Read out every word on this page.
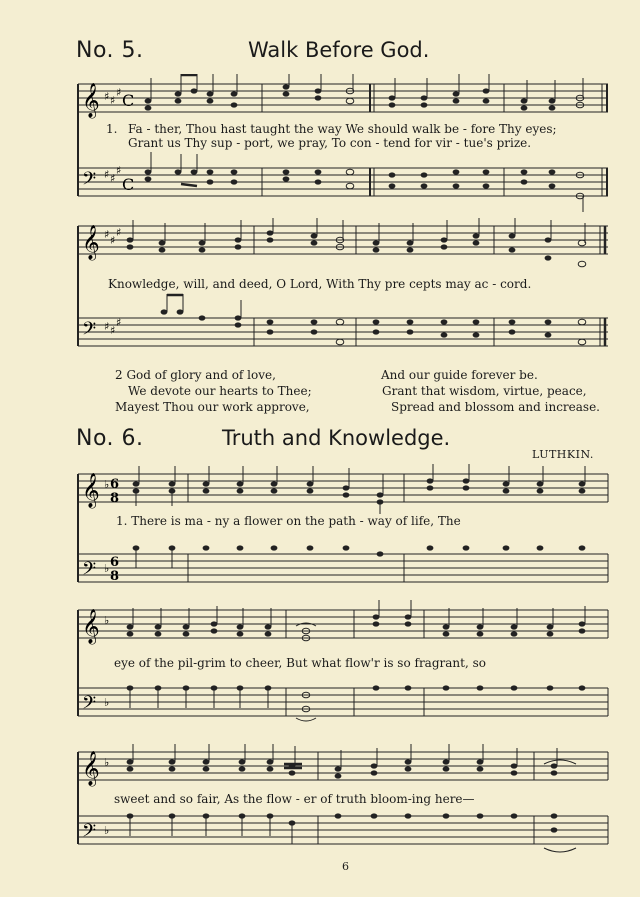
No. 5.	Walk Before God.
𝄞 ♯ ♯
♯ C
𝄢 ♯ ♯
♯
C
1. Fa - ther, Thou hast taught the way We should walk be - fore Thy eyes;
Grant us Thy sup - port, we pray, To con - tend for vir - tue's prize.
𝄞 ♯ ♯
♯
𝄢 ♯ ♯
♯
Knowledge, will, and deed, O Lord, With Thy pre cepts may ac - cord.
2 God of glory and of love,
We devote our hearts to Thee;
Mayest Thou our work approve,
And our guide forever be.
Grant that wisdom, virtue, peace,
Spread and blossom and increase.
No. 6.	Truth and Knowledge.
LUTHKIN.
𝄞 ♭ 6
8
𝄢 ♭ 6
8
1. There is ma - ny a flower on the path - way of life, The
𝄞 ♭
𝄢 ♭
eye of the pil-grim to cheer, But what flow'r is so fragrant, so
𝄞 ♭
𝄢 ♭
sweet and so fair, As the flow - er of truth bloom-ing here—
6
